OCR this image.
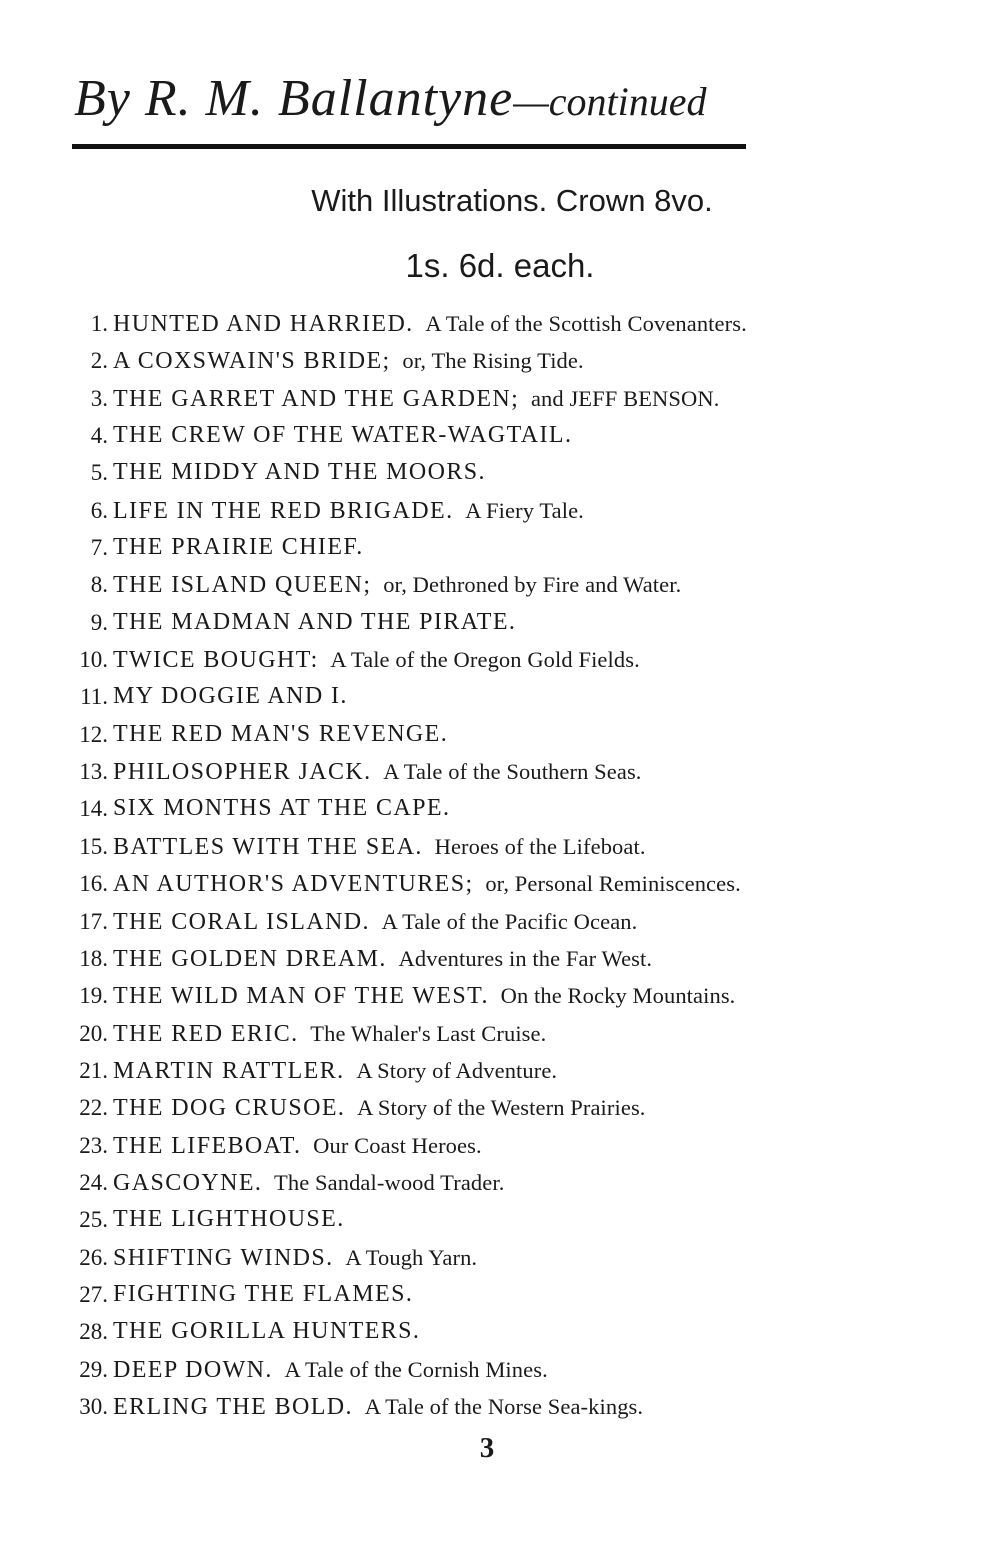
By R. M. Ballantyne—continued
With Illustrations. Crown 8vo.
1s. 6d. each.
1. HUNTED AND HARRIED.  A Tale of the Scottish Covenanters.
2. A COXSWAIN'S BRIDE;  or, The Rising Tide.
3. THE GARRET AND THE GARDEN;  and JEFF BENSON.
4. THE CREW OF THE WATER-WAGTAIL.
5. THE MIDDY AND THE MOORS.
6. LIFE IN THE RED BRIGADE.  A Fiery Tale.
7. THE PRAIRIE CHIEF.
8. THE ISLAND QUEEN;  or, Dethroned by Fire and Water.
9. THE MADMAN AND THE PIRATE.
10. TWICE BOUGHT:  A Tale of the Oregon Gold Fields.
11. MY DOGGIE AND I.
12. THE RED MAN'S REVENGE.
13. PHILOSOPHER JACK.  A Tale of the Southern Seas.
14. SIX MONTHS AT THE CAPE.
15. BATTLES WITH THE SEA.  Heroes of the Lifeboat.
16. AN AUTHOR'S ADVENTURES;  or, Personal Reminiscences.
17. THE CORAL ISLAND.  A Tale of the Pacific Ocean.
18. THE GOLDEN DREAM.  Adventures in the Far West.
19. THE WILD MAN OF THE WEST.  On the Rocky Mountains.
20. THE RED ERIC.  The Whaler's Last Cruise.
21. MARTIN RATTLER.  A Story of Adventure.
22. THE DOG CRUSOE.  A Story of the Western Prairies.
23. THE LIFEBOAT.  Our Coast Heroes.
24. GASCOYNE.  The Sandal-wood Trader.
25. THE LIGHTHOUSE.
26. SHIFTING WINDS.  A Tough Yarn.
27. FIGHTING THE FLAMES.
28. THE GORILLA HUNTERS.
29. DEEP DOWN.  A Tale of the Cornish Mines.
30. ERLING THE BOLD.  A Tale of the Norse Sea-kings.
3
